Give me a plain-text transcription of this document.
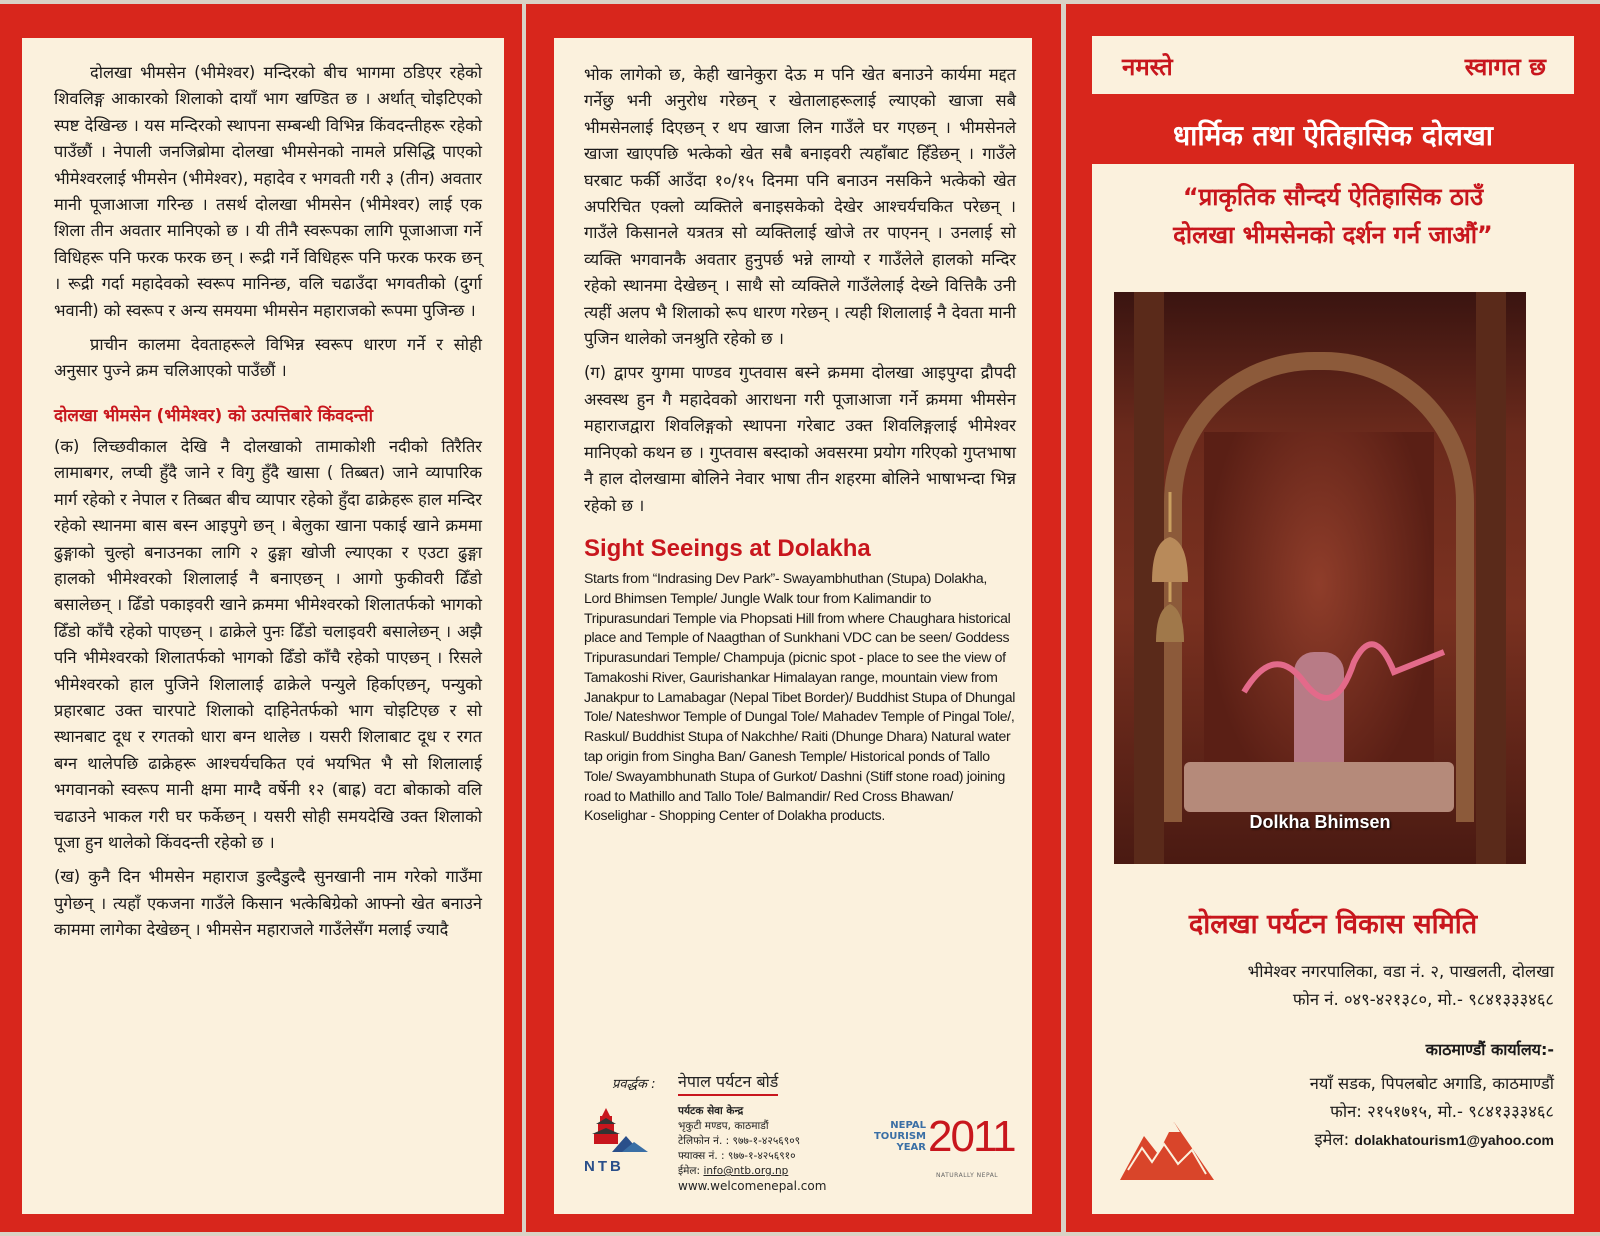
दोलखा भीमसेन (भीमेश्वर) मन्दिरको बीच भागमा ठडिएर रहेको शिवलिङ्ग आकारको शिलाको दायाँ भाग खण्डित छ । अर्थात् चोइटिएको स्पष्ट देखिन्छ । यस मन्दिरको स्थापना सम्बन्धी विभिन्न किंवदन्तीहरू रहेको पाउँछौं । नेपाली जनजिब्रोमा दोलखा भीमसेनको नामले प्रसिद्धि पाएको भीमेश्वरलाई भीमसेन (भीमेश्वर), महादेव र भगवती गरी ३ (तीन) अवतार मानी पूजाआजा गरिन्छ । तसर्थ दोलखा भीमसेन (भीमेश्वर) लाई एक शिला तीन अवतार मानिएको छ । यी तीनै स्वरूपका लागि पूजाआजा गर्ने विधिहरू पनि फरक फरक छन् । रूद्री गर्ने विधिहरू पनि फरक फरक छन् । रूद्री गर्दा महादेवको स्वरूप मानिन्छ, वलि चढाउँदा भगवतीको (दुर्गा भवानी) को स्वरूप र अन्य समयमा भीमसेन महाराजको रूपमा पुजिन्छ ।

प्राचीन कालमा देवताहरूले विभिन्न स्वरूप धारण गर्ने र सोही अनुसार पुज्ने क्रम चलिआएको पाउँछौं ।

दोलखा भीमसेन (भीमेश्वर) को उत्पत्तिबारे किंवदन्ती

(क) लिच्छवीकाल देखि नै दोलखाको तामाकोशी नदीको तिरैतिर लामाबगर, लप्ची हुँदै जाने र विगु हुँदै खासा ( तिब्बत) जाने व्यापारिक मार्ग रहेको र नेपाल र तिब्बत बीच व्यापार रहेको हुँदा ढाक्रेहरू हाल मन्दिर रहेको स्थानमा बास बस्न आइपुगे छन् । बेलुका खाना पकाई खाने क्रममा ढुङ्गाको चुल्हो बनाउनका लागि २ ढुङ्गा खोजी ल्याएका र एउटा ढुङ्गा हालको भीमेश्वरको शिलालाई नै बनाएछन् । आगो फुकीवरी ढिँडो बसालेछन् । ढिँडो पकाइवरी खाने क्रममा भीमेश्वरको शिलातर्फको भागको ढिँडो काँचै रहेको पाएछन् । ढाक्रेले पुनः ढिँडो चलाइवरी बसालेछन् । अझै पनि भीमेश्वरको शिलातर्फको भागको ढिँडो काँचै रहेको पाएछन् । रिसले भीमेश्वरको हाल पुजिने शिलालाई ढाक्रेले पन्युले हिर्काएछन्, पन्युको प्रहारबाट उक्त चारपाटे शिलाको दाहिनेतर्फको भाग चोइटिएछ र सो स्थानबाट दूध र रगतको धारा बग्न थालेछ । यसरी शिलाबाट दूध र रगत बग्न थालेपछि ढाक्रेहरू आश्चर्यचकित एवं भयभित भै सो शिलालाई भगवानको स्वरूप मानी क्षमा माग्दै वर्षेनी १२ (बाह्र) वटा बोकाको वलि चढाउने भाकल गरी घर फर्केछन् । यसरी सोही समयदेखि उक्त शिलाको पूजा हुन थालेको किंवदन्ती रहेको छ ।

(ख) कुनै दिन भीमसेन महाराज डुल्दैडुल्दै सुनखानी नाम गरेको गाउँमा पुगेछन् । त्यहाँ एकजना गाउँले किसान भत्केबिग्रेको आफ्नो खेत बनाउने काममा लागेका देखेछन् । भीमसेन महाराजले गाउँलेसँग मलाई ज्यादै

भोक लागेको छ, केही खानेकुरा देऊ म पनि खेत बनाउने कार्यमा मद्दत गर्नेछु भनी अनुरोध गरेछन् र खेतालाहरूलाई ल्याएको खाजा सबै भीमसेनलाई दिएछन् र थप खाजा लिन गाउँले घर गएछन् । भीमसेनले खाजा खाएपछि भत्केको खेत सबै बनाइवरी त्यहाँबाट हिँडेछन् । गाउँले घरबाट फर्की आउँदा १०/१५ दिनमा पनि बनाउन नसकिने भत्केको खेत अपरिचित एक्लो व्यक्तिले बनाइसकेको देखेर आश्चर्यचकित परेछन् । गाउँले किसानले यत्रतत्र सो व्यक्तिलाई खोजे तर पाएनन् । उनलाई सो व्यक्ति भगवानकै अवतार हुनुपर्छ भन्ने लाग्यो र गाउँलेले हालको मन्दिर रहेको स्थानमा देखेछन् । साथै सो व्यक्तिले गाउँलेलाई देख्ने वित्तिकै उनी त्यहीं अलप भै शिलाको रूप धारण गरेछन् । त्यही शिलालाई नै देवता मानी पुजिन थालेको जनश्रुति रहेको छ ।

(ग) द्वापर युगमा पाण्डव गुप्तवास बस्ने क्रममा दोलखा आइपुग्दा द्रौपदी अस्वस्थ हुन गै महादेवको आराधना गरी पूजाआजा गर्ने क्रममा भीमसेन महाराजद्वारा शिवलिङ्गको स्थापना गरेबाट उक्त शिवलिङ्गलाई भीमेश्वर मानिएको कथन छ । गुप्तवास बस्दाको अवसरमा प्रयोग गरिएको गुप्तभाषा नै हाल दोलखामा बोलिने नेवार भाषा तीन शहरमा बोलिने भाषाभन्दा भिन्न रहेको छ ।

Sight Seeings at Dolakha

Starts from “Indrasing Dev Park”- Swayambhuthan (Stupa) Dolakha, Lord Bhimsen Temple/ Jungle Walk tour from Kalimandir to Tripurasundari Temple via Phopsati Hill from where Chaughara historical place and Temple of Naagthan of Sunkhani VDC can be seen/ Goddess Tripurasundari Temple/ Champuja (picnic spot - place to see the view of Tamakoshi River, Gaurishankar Himalayan range, mountain view from Janakpur to Lamabagar (Nepal Tibet Border)/ Buddhist Stupa of Dhungal Tole/ Nateshwor Temple of Dungal Tole/ Mahadev Temple of Pingal Tole/, Raskul/ Buddhist Stupa of Nakchhe/ Raiti (Dhunge Dhara) Natural water tap origin from Singha Ban/ Ganesh Temple/ Historical ponds of Tallo Tole/ Swayambhunath Stupa of Gurkot/ Dashni (Stiff stone road) joining road to Mathillo and Tallo Tole/ Balmandir/ Red Cross Bhawan/ Koselighar - Shopping Center of Dolakha products.

प्रवर्द्धक : नेपाल पर्यटन बोर्ड
NTB
पर्यटक सेवा केन्द्र
भृकुटी मण्डप, काठमाडौं
टेलिफोन नं. : ९७७-१-४२५६९०९
फ्याक्स नं. : ९७७-१-४२५६९१०
ईमेल: info@ntb.org.np
www.welcomenepal.com
NEPAL TOURISM YEAR 2011
NATURALLY NEPAL
नमस्ते	स्वागत छ
धार्मिक तथा ऐतिहासिक दोलखा
“प्राकृतिक सौन्दर्य ऐतिहासिक ठाउँ
दोलखा भीमसेनको दर्शन गर्न जाऔं”
Dolkha Bhimsen
दोलखा पर्यटन विकास समिति
भीमेश्वर नगरपालिका, वडा नं. २, पाखलती, दोलखा
फोन नं. ०४९-४२१३८०, मो.- ९८४१३३३४६८
काठमाण्डौं कार्यालय:-
नयाँ सडक, पिपलबोट अगाडि, काठमाण्डौं
फोन: २१५१७१५, मो.- ९८४१३३३४६८
इमेल: dolakhatourism1@yahoo.com
